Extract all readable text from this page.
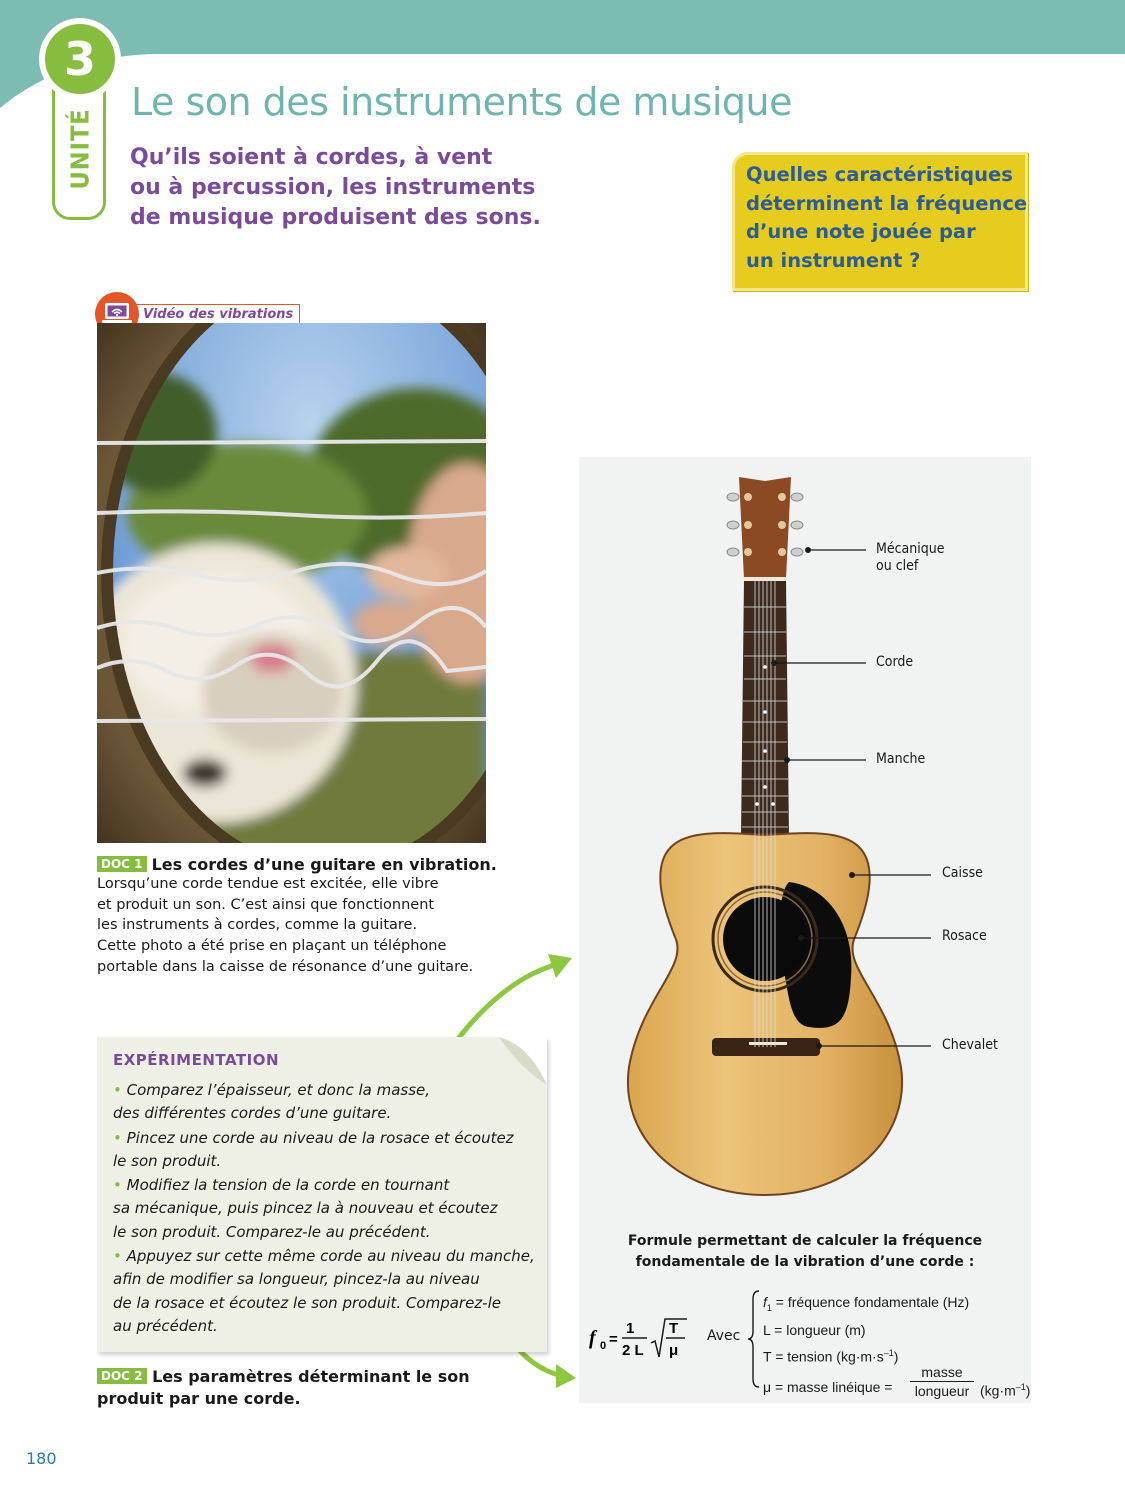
3
UNITÉ
Le son des instruments de musique
Qu’ils soient à cordes, à vent
ou à percussion, les instruments
de musique produisent des sons.
Quelles caractéristiques
déterminent la fréquence
d’une note jouée par
un instrument ?
Vidéo des vibrations
DOC 1 Les cordes d’une guitare en vibration.
Lorsqu’une corde tendue est excitée, elle vibre
et produit un son. C’est ainsi que fonctionnent
les instruments à cordes, comme la guitare.
Cette photo a été prise en plaçant un téléphone
portable dans la caisse de résonance d’une guitare.
EXPÉRIMENTATION
• Comparez l’épaisseur, et donc la masse,
des différentes cordes d’une guitare.
• Pincez une corde au niveau de la rosace et écoutez
le son produit.
• Modifiez la tension de la corde en tournant
sa mécanique, puis pincez la à nouveau et écoutez
le son produit. Comparez-le au précédent.
• Appuyez sur cette même corde au niveau du manche,
afin de modifier sa longueur, pincez-la au niveau
de la rosace et écoutez le son produit. Comparez-le
au précédent.
DOC 2 Les paramètres déterminant le son
produit par une corde.
Mécanique
ou clef
Corde
Manche
Caisse
Rosace
Chevalet
Formule permettant de calculer la fréquence
fondamentale de la vibration d’une corde :
f 0 =
1
2 L
T
μ
Avec
$f_1$ = fréquence fondamentale (Hz)
L = longueur (m)
T = tension $(kg\cdot m\cdot s^{-1})$
μ = masse linéique =
masse
longueur $(kg\cdot m^{-1})$
180
